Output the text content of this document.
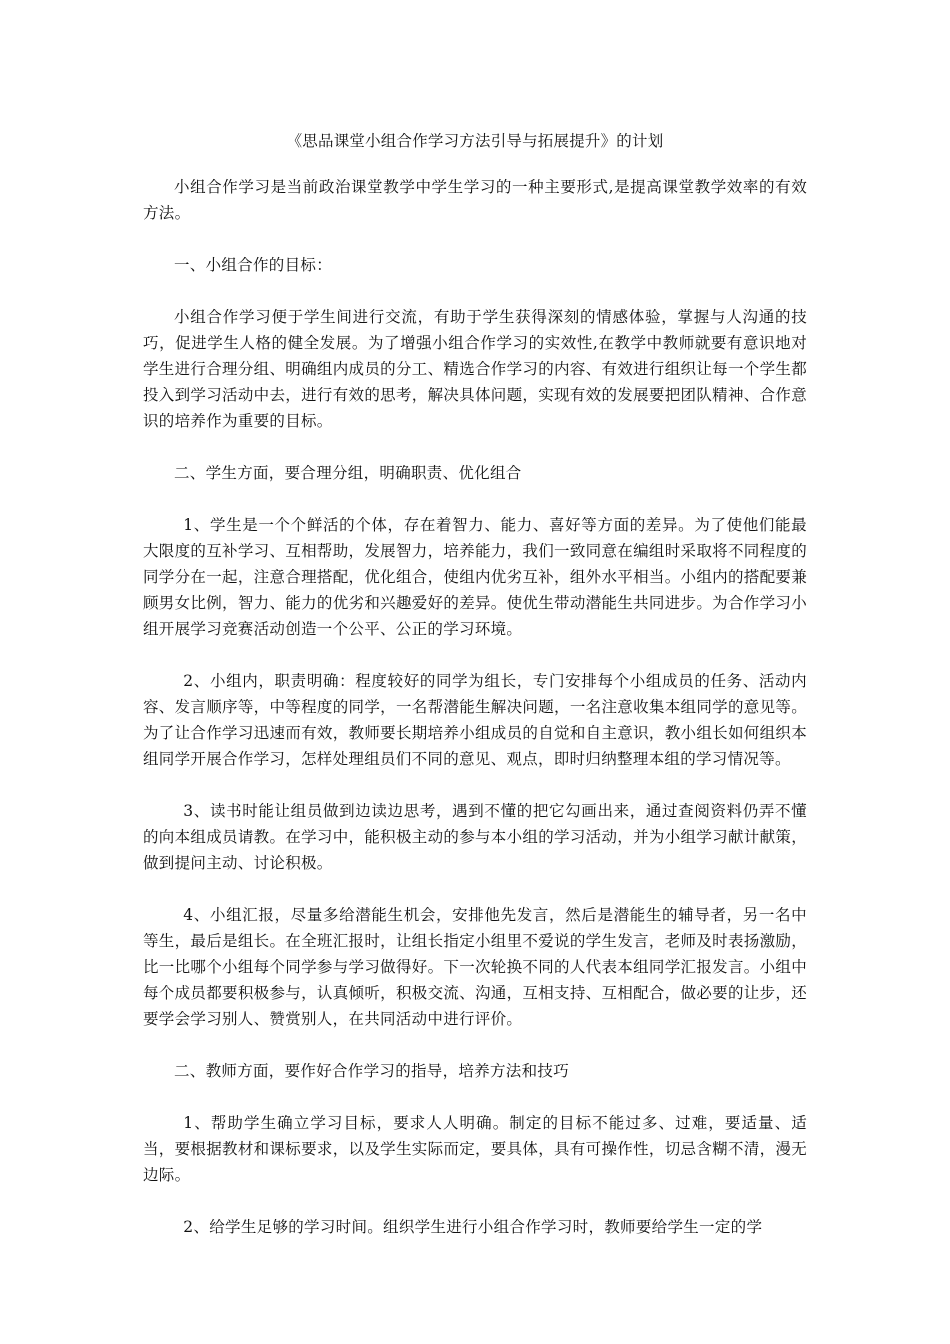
《思品课堂小组合作学习方法引导与拓展提升》的计划

小组合作学习是当前政治课堂教学中学生学习的一种主要形式,是提高课堂教学效率的有效方法。

一、小组合作的目标：

小组合作学习便于学生间进行交流，有助于学生获得深刻的情感体验，掌握与人沟通的技巧，促进学生人格的健全发展。为了增强小组合作学习的实效性,在教学中教师就要有意识地对学生进行合理分组、明确组内成员的分工、精选合作学习的内容、有效进行组织让每一个学生都投入到学习活动中去，进行有效的思考，解决具体问题，实现有效的发展要把团队精神、合作意识的培养作为重要的目标。

二、学生方面，要合理分组，明确职责、优化组合

1、学生是一个个鲜活的个体，存在着智力、能力、喜好等方面的差异。为了使他们能最大限度的互补学习、互相帮助，发展智力，培养能力，我们一致同意在编组时采取将不同程度的同学分在一起，注意合理搭配，优化组合，使组内优劣互补，组外水平相当。小组内的搭配要兼顾男女比例，智力、能力的优劣和兴趣爱好的差异。使优生带动潜能生共同进步。为合作学习小组开展学习竞赛活动创造一个公平、公正的学习环境。

2、小组内，职责明确：程度较好的同学为组长，专门安排每个小组成员的任务、活动内容、发言顺序等，中等程度的同学，一名帮潜能生解决问题，一名注意收集本组同学的意见等。为了让合作学习迅速而有效，教师要长期培养小组成员的自觉和自主意识，教小组长如何组织本组同学开展合作学习，怎样处理组员们不同的意见、观点，即时归纳整理本组的学习情况等。

3、读书时能让组员做到边读边思考，遇到不懂的把它勾画出来，通过查阅资料仍弄不懂的向本组成员请教。在学习中，能积极主动的参与本小组的学习活动，并为小组学习献计献策，做到提问主动、讨论积极。

4、小组汇报，尽量多给潜能生机会，安排他先发言，然后是潜能生的辅导者，另一名中等生，最后是组长。在全班汇报时，让组长指定小组里不爱说的学生发言，老师及时表扬激励，比一比哪个小组每个同学参与学习做得好。下一次轮换不同的人代表本组同学汇报发言。小组中每个成员都要积极参与，认真倾听，积极交流、沟通，互相支持、互相配合，做必要的让步，还要学会学习别人、赞赏别人，在共同活动中进行评价。

二、教师方面，要作好合作学习的指导，培养方法和技巧

1、帮助学生确立学习目标，要求人人明确。制定的目标不能过多、过难，要适量、适当，要根据教材和课标要求，以及学生实际而定，要具体，具有可操作性，切忌含糊不清，漫无边际。

2、给学生足够的学习时间。组织学生进行小组合作学习时，教师要给学生一定的学
